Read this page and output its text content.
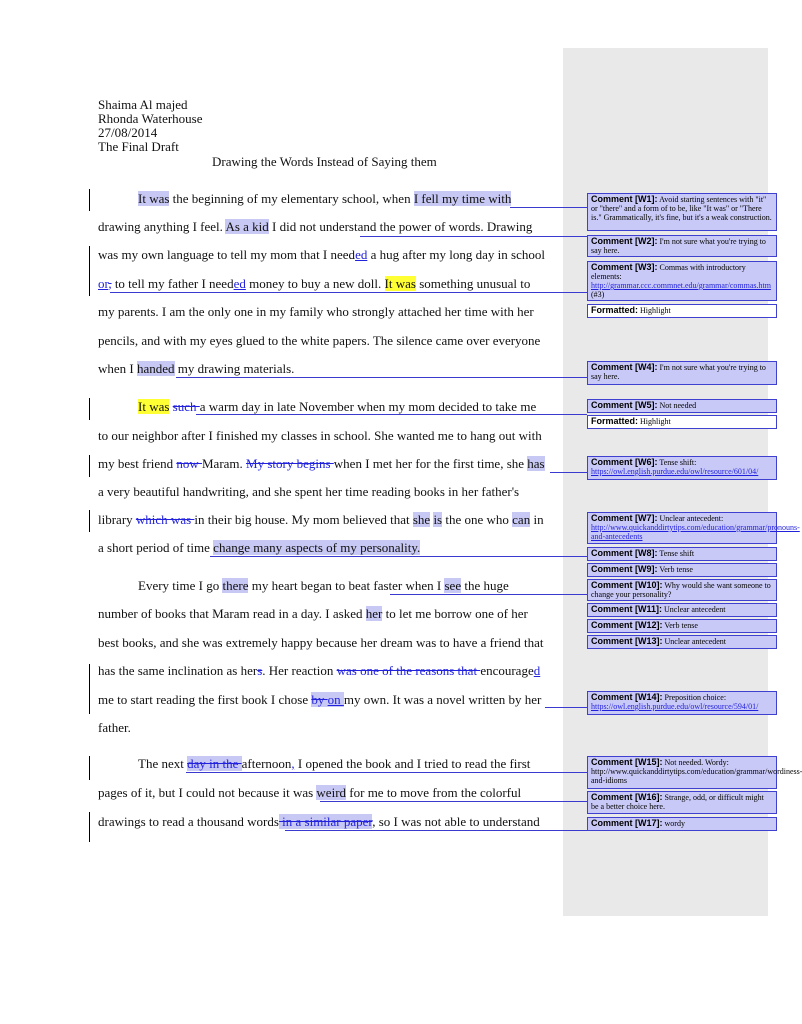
Shaima Al majed
Rhonda Waterhouse
27/08/2014
The Final Draft
Drawing the Words Instead of Saying them
It was the beginning of my elementary school, when I fell my time with
drawing anything I feel. As a kid I did not understand the power of words. Drawing
was my own language to tell my mom that I needed a hug after my long day in school
or, to tell my father I needed money to buy a new doll. It was something unusual to
my parents. I am the only one in my family who strongly attached her time with her
pencils, and with my eyes glued to the white papers. The silence came over everyone
when I handed my drawing materials.
It was such a warm day in late November when my mom decided to take me
to our neighbor after I finished my classes in school. She wanted me to hang out with
my best friend now Maram. My story begins when I met her for the first time, she has
a very beautiful handwriting, and she spent her time reading books in her father's
library which was in their big house. My mom believed that she is the one who can in
a short period of time change many aspects of my personality.
Every time I go there my heart began to beat faster when I see the huge
number of books that Maram read in a day. I asked her to let me borrow one of her
best books, and she was extremely happy because her dream was to have a friend that
has the same inclination as hers. Her reaction was one of the reasons that encouraged
me to start reading the first book I chose by on my own. It was a novel written by her
father.
The next day in the afternoon, I opened the book and I tried to read the first
pages of it, but I could not because it was weird for me to move from the colorful
drawings to read a thousand words in a similar paper, so I was not able to understand
Comment [W1]: Avoid starting sentences with "it" or "there" and a form of to be, like "It was" or "There is." Grammatically, it's fine, but it's a weak construction.
Comment [W2]: I'm not sure what you're trying to say here.
Comment [W3]: Commas with introductory elements:
http://grammar.ccc.commnet.edu/grammar/commas.htm (#3)
Formatted: Highlight
Comment [W4]: I'm not sure what you're trying to say here.
Comment [W5]: Not needed
Formatted: Highlight
Comment [W6]: Tense shift:
https://owl.english.purdue.edu/owl/resource/601/04/
Comment [W7]: Unclear antecedent:
http://www.quickanddirtytips.com/education/grammar/pronouns-and-antecedents
Comment [W8]: Tense shift
Comment [W9]: Verb tense
Comment [W10]: Why would she want someone to change your personality?
Comment [W11]: Unclear antecedent
Comment [W12]: Verb tense
Comment [W13]: Unclear antecedent
Comment [W14]: Preposition choice:
https://owl.english.purdue.edu/owl/resource/594/01/
Comment [W15]: Not needed. Wordy:
http://www.quickanddirtytips.com/education/grammar/wordiness-and-idioms
Comment [W16]: Strange, odd, or difficult might be a better choice here.
Comment [W17]: wordy
